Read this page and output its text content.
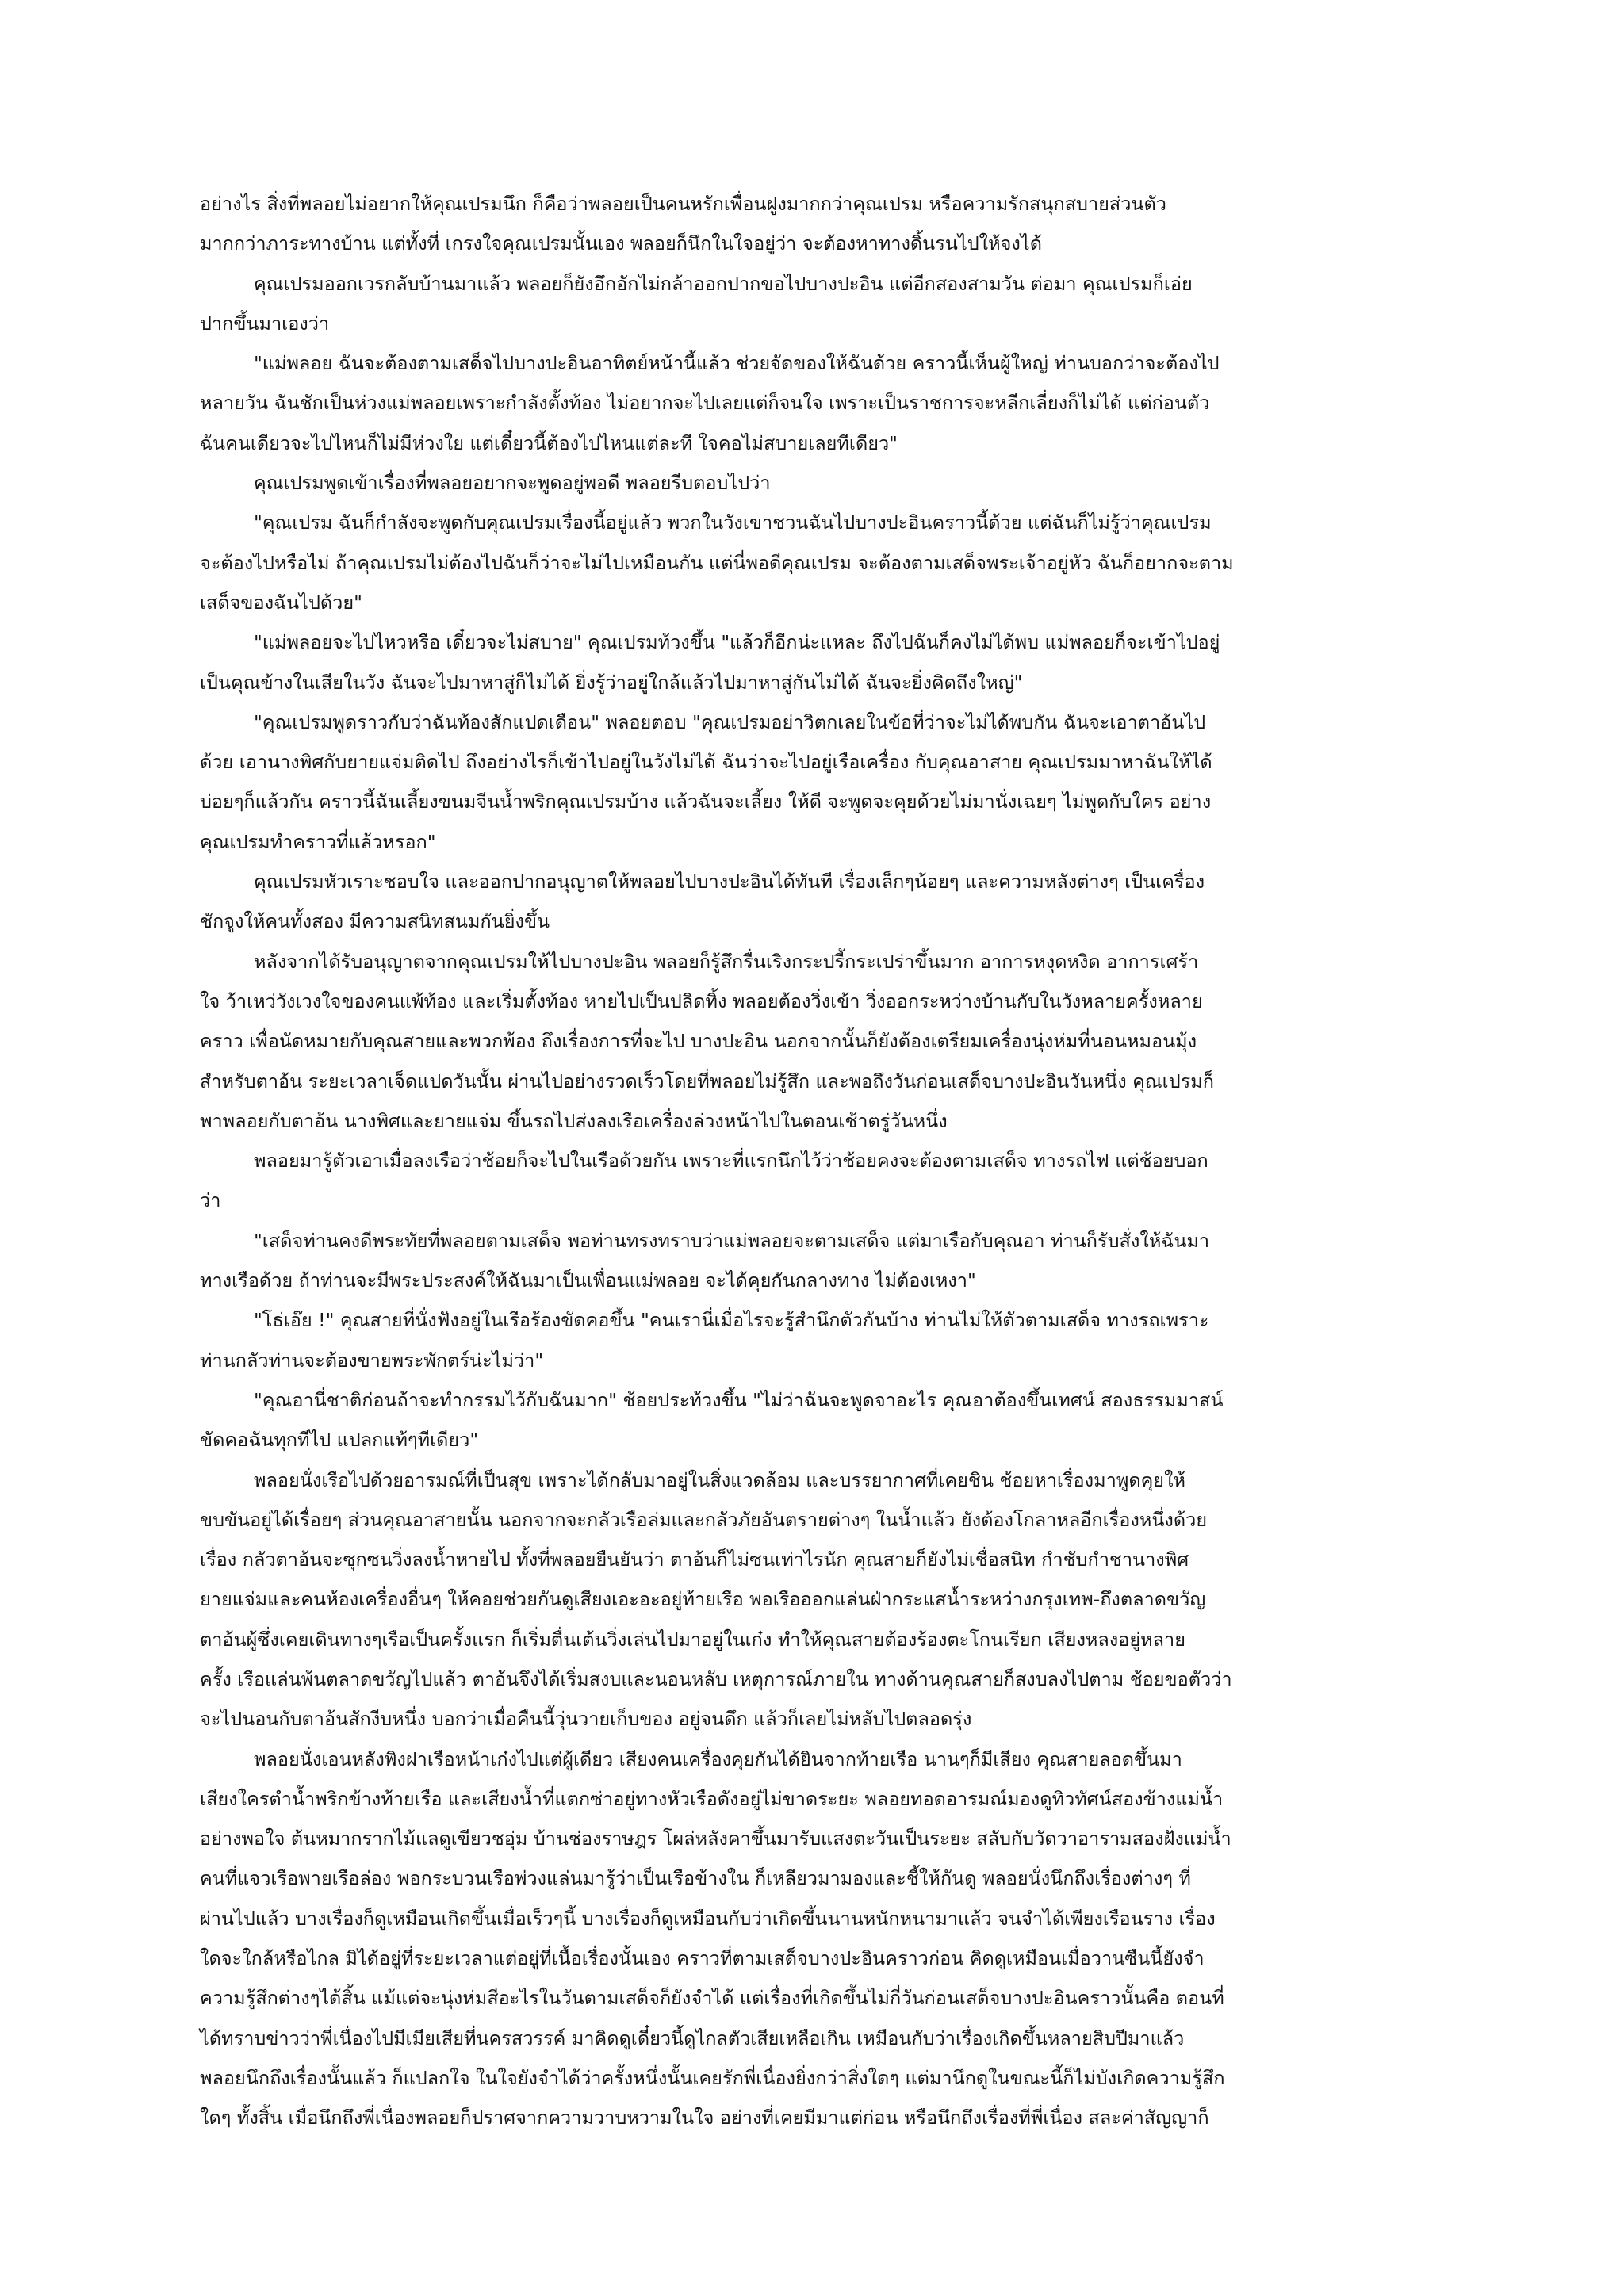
อย่างไร สิ่งที่พลอยไม่อยากให้คุณเปรมนึก ก็คือว่าพลอยเป็นคนหรักเพื่อนฝูงมากกว่าคุณเปรม หรือความรักสนุกสบายส่วนตัว
มากกว่าภาระทางบ้าน แต่ทั้งที่ เกรงใจคุณเปรมนั้นเอง พลอยก็นึกในใจอยู่ว่า จะต้องหาทางดิ้นรนไปให้จงได้
คุณเปรมออกเวรกลับบ้านมาแล้ว พลอยก็ยังอึกอักไม่กล้าออกปากขอไปบางปะอิน แต่อีกสองสามวัน ต่อมา คุณเปรมก็เอ่ย
ปากขึ้นมาเองว่า
"แม่พลอย ฉันจะต้องตามเสด็จไปบางปะอินอาทิตย์หน้านี้แล้ว ช่วยจัดของให้ฉันด้วย คราวนี้เห็นผู้ใหญ่ ท่านบอกว่าจะต้องไป
หลายวัน ฉันชักเป็นห่วงแม่พลอยเพราะกำลังตั้งท้อง ไม่อยากจะไปเลยแต่ก็จนใจ เพราะเป็นราชการจะหลีกเลี่ยงก็ไม่ได้ แต่ก่อนตัว
ฉันคนเดียวจะไปไหนก็ไม่มีห่วงใย แต่เดี๋ยวนี้ต้องไปไหนแต่ละที ใจคอไม่สบายเลยทีเดียว"
คุณเปรมพูดเข้าเรื่องที่พลอยอยากจะพูดอยู่พอดี พลอยรีบตอบไปว่า
"คุณเปรม ฉันก็กำลังจะพูดกับคุณเปรมเรื่องนี้อยู่แล้ว พวกในวังเขาชวนฉันไปบางปะอินคราวนี้ด้วย แต่ฉันก็ไม่รู้ว่าคุณเปรม
จะต้องไปหรือไม่ ถ้าคุณเปรมไม่ต้องไปฉันก็ว่าจะไม่ไปเหมือนกัน แต่นี่พอดีคุณเปรม จะต้องตามเสด็จพระเจ้าอยู่หัว ฉันก็อยากจะตาม
เสด็จของฉันไปด้วย"
"แม่พลอยจะไปไหวหรือ เดี๋ยวจะไม่สบาย" คุณเปรมท้วงขึ้น "แล้วก็อีกน่ะแหละ ถึงไปฉันก็คงไม่ได้พบ แม่พลอยก็จะเข้าไปอยู่
เป็นคุณข้างในเสียในวัง ฉันจะไปมาหาสู่ก็ไม่ได้ ยิ่งรู้ว่าอยู่ใกล้แล้วไปมาหาสู่กันไม่ได้ ฉันจะยิ่งคิดถึงใหญ่"
"คุณเปรมพูดราวกับว่าฉันท้องสักแปดเดือน" พลอยตอบ "คุณเปรมอย่าวิตกเลยในข้อที่ว่าจะไม่ได้พบกัน ฉันจะเอาตาอ้นไป
ด้วย เอานางพิศกับยายแจ่มติดไป ถึงอย่างไรก็เข้าไปอยู่ในวังไม่ได้ ฉันว่าจะไปอยู่เรือเครื่อง กับคุณอาสาย คุณเปรมมาหาฉันให้ได้
บ่อยๆก็แล้วกัน คราวนี้ฉันเลี้ยงขนมจีนน้ำพริกคุณเปรมบ้าง แล้วฉันจะเลี้ยง ให้ดี จะพูดจะคุยด้วยไม่มานั่งเฉยๆ ไม่พูดกับใคร อย่าง
คุณเปรมทำคราวที่แล้วหรอก"
คุณเปรมหัวเราะชอบใจ และออกปากอนุญาตให้พลอยไปบางปะอินได้ทันที เรื่องเล็กๆน้อยๆ และความหลังต่างๆ เป็นเครื่อง
ชักจูงให้คนทั้งสอง มีความสนิทสนมกันยิ่งขึ้น
หลังจากได้รับอนุญาตจากคุณเปรมให้ไปบางปะอิน พลอยก็รู้สึกรื่นเริงกระปรี้กระเปร่าขึ้นมาก อาการหงุดหงิด อาการเศร้า
ใจ ว้าเหว่วังเวงใจของคนแพ้ท้อง และเริ่มตั้งท้อง หายไปเป็นปลิดทิ้ง พลอยต้องวิ่งเข้า วิ่งออกระหว่างบ้านกับในวังหลายครั้งหลาย
คราว เพื่อนัดหมายกับคุณสายและพวกพ้อง ถึงเรื่องการที่จะไป บางปะอิน นอกจากนั้นก็ยังต้องเตรียมเครื่องนุ่งห่มที่นอนหมอนมุ้ง
สำหรับตาอ้น ระยะเวลาเจ็ดแปดวันนั้น ผ่านไปอย่างรวดเร็วโดยที่พลอยไม่รู้สึก และพอถึงวันก่อนเสด็จบางปะอินวันหนึ่ง คุณเปรมก็
พาพลอยกับตาอ้น นางพิศและยายแจ่ม ขึ้นรถไปส่งลงเรือเครื่องล่วงหน้าไปในตอนเช้าตรู่วันหนึ่ง
พลอยมารู้ตัวเอาเมื่อลงเรือว่าช้อยก็จะไปในเรือด้วยกัน เพราะที่แรกนึกไว้ว่าช้อยคงจะต้องตามเสด็จ ทางรถไฟ แต่ช้อยบอก
ว่า
"เสด็จท่านคงดีพระทัยที่พลอยตามเสด็จ พอท่านทรงทราบว่าแม่พลอยจะตามเสด็จ แต่มาเรือกับคุณอา ท่านก็รับสั่งให้ฉันมา
ทางเรือด้วย ถ้าท่านจะมีพระประสงค์ให้ฉันมาเป็นเพื่อนแม่พลอย จะได้คุยกันกลางทาง ไม่ต้องเหงา"
"โธ่เอ๊ย !" คุณสายที่นั่งฟังอยู่ในเรือร้องขัดคอขึ้น "คนเรานี่เมื่อไรจะรู้สำนึกตัวกันบ้าง ท่านไม่ให้ตัวตามเสด็จ ทางรถเพราะ
ท่านกลัวท่านจะต้องขายพระพักตร์น่ะไม่ว่า"
"คุณอานี่ชาติก่อนถ้าจะทำกรรมไว้กับฉันมาก" ช้อยประท้วงขึ้น "ไม่ว่าฉันจะพูดจาอะไร คุณอาต้องขึ้นเทศน์ สองธรรมมาสน์
ขัดคอฉันทุกทีไป แปลกแท้ๆทีเดียว"
พลอยนั่งเรือไปด้วยอารมณ์ที่เป็นสุข เพราะได้กลับมาอยู่ในสิ่งแวดล้อม และบรรยากาศที่เคยชิน ช้อยหาเรื่องมาพูดคุยให้
ขบขันอยู่ได้เรื่อยๆ ส่วนคุณอาสายนั้น นอกจากจะกลัวเรือล่มและกลัวภัยอันตรายต่างๆ ในน้ำแล้ว ยังต้องโกลาหลอีกเรื่องหนึ่งด้วย
เรื่อง กลัวตาอ้นจะซุกซนวิ่งลงน้ำหายไป ทั้งที่พลอยยืนยันว่า ตาอ้นก็ไม่ซนเท่าไรนัก คุณสายก็ยังไม่เชื่อสนิท กำชับกำชานางพิศ
ยายแจ่มและคนห้องเครื่องอื่นๆ ให้คอยช่วยกันดูเสียงเอะอะอยู่ท้ายเรือ พอเรือออกแล่นฝ่ากระแสน้ำระหว่างกรุงเทพ-ถึงตลาดขวัญ
ตาอ้นผู้ซึ่งเคยเดินทางๆเรือเป็นครั้งแรก ก็เริ่มตื่นเต้นวิ่งเล่นไปมาอยู่ในเก๋ง ทำให้คุณสายต้องร้องตะโกนเรียก เสียงหลงอยู่หลาย
ครั้ง เรือแล่นพ้นตลาดขวัญไปแล้ว ตาอ้นจึงได้เริ่มสงบและนอนหลับ เหตุการณ์ภายใน ทางด้านคุณสายก็สงบลงไปตาม ช้อยขอตัวว่า
จะไปนอนกับตาอ้นสักงีบหนึ่ง บอกว่าเมื่อคืนนี้วุ่นวายเก็บของ อยู่จนดึก แล้วก็เลยไม่หลับไปตลอดรุ่ง
พลอยนั่งเอนหลังพิงฝาเรือหน้าเก๋งไปแต่ผู้เดียว เสียงคนเครื่องคุยกันได้ยินจากท้ายเรือ นานๆก็มีเสียง คุณสายลอดขึ้นมา
เสียงใครตำน้ำพริกข้างท้ายเรือ และเสียงน้ำที่แตกซ่าอยู่ทางหัวเรือดังอยู่ไม่ขาดระยะ พลอยทอดอารมณ์มองดูทิวทัศน์สองข้างแม่น้ำ
อย่างพอใจ ต้นหมากรากไม้แลดูเขียวชอุ่ม บ้านช่องราษฎร โผล่หลังคาขึ้นมารับแสงตะวันเป็นระยะ สลับกับวัดวาอารามสองฝั่งแม่น้ำ
คนที่แจวเรือพายเรือล่อง พอกระบวนเรือพ่วงแล่นมารู้ว่าเป็นเรือข้างใน ก็เหลียวมามองและชี้ให้กันดู พลอยนั่งนึกถึงเรื่องต่างๆ ที่
ผ่านไปแล้ว บางเรื่องก็ดูเหมือนเกิดขึ้นเมื่อเร็วๆนี้ บางเรื่องก็ดูเหมือนกับว่าเกิดขึ้นนานหนักหนามาแล้ว จนจำได้เพียงเรือนราง เรื่อง
ใดจะใกล้หรือไกล มิได้อยู่ที่ระยะเวลาแต่อยู่ที่เนื้อเรื่องนั้นเอง คราวที่ตามเสด็จบางปะอินคราวก่อน คิดดูเหมือนเมื่อวานซืนนี้ยังจำ
ความรู้สึกต่างๆได้สิ้น แม้แต่จะนุ่งห่มสีอะไรในวันตามเสด็จก็ยังจำได้ แต่เรื่องที่เกิดขึ้นไม่กี่วันก่อนเสด็จบางปะอินคราวนั้นคือ ตอนที่
ได้ทราบข่าวว่าพี่เนื่องไปมีเมียเสียที่นครสวรรค์ มาคิดดูเดี๋ยวนี้ดูไกลตัวเสียเหลือเกิน เหมือนกับว่าเรื่องเกิดขึ้นหลายสิบปีมาแล้ว
พลอยนึกถึงเรื่องนั้นแล้ว ก็แปลกใจ ในใจยังจำได้ว่าครั้งหนึ่งนั้นเคยรักพี่เนื่องยิ่งกว่าสิ่งใดๆ แต่มานึกดูในขณะนี้ก็ไม่บังเกิดความรู้สึก
ใดๆ ทั้งสิ้น เมื่อนึกถึงพี่เนื่องพลอยก็ปราศจากความวาบหวามในใจ อย่างที่เคยมีมาแต่ก่อน หรือนึกถึงเรื่องที่พี่เนื่อง สละค่าสัญญาก็
